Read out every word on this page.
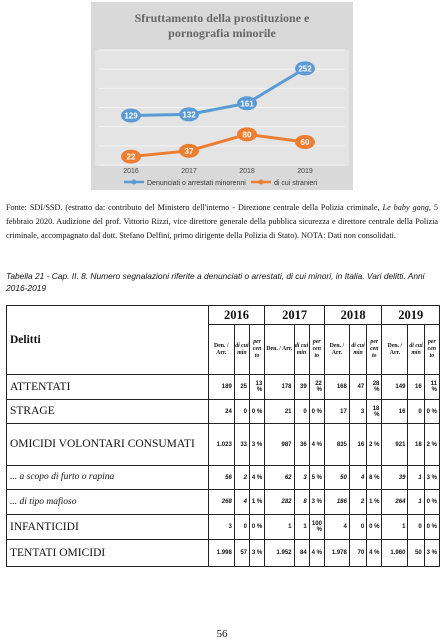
Sfruttamento della prostituzione e
pornografia minorile
129	132
161
252
22
37
80
60
2016	2017	2018	2019
Denunciati o arrestati minorenni	di cui stranieri
Fonte: SDI/SSD. (estratto da: contributo del Ministero dell'interno - Direzione centrale della Polizia criminale, Le baby gang, 5 febbraio 2020. Audizione del prof. Vittorio Rizzi, vice direttore generale della pubblica sicurezza e direttore centrale della Polizia criminale, accompagnato dal dott. Stefano Delfini, primo dirigente della Polizia di Stato). NOTA: Dati non consolidati.
Tabella 21 - Cap. II. 8. Numero segnalazioni riferite a denunciati o arrestati, di cui minori, in Italia. Vari delitti. Anni 2016-2019
Delitti	2016			2017			2018			2019		
	Den. / Arr.	di cui min	per cen to	Den. / Arr.	di cui min	per cen to	Den. / Arr.	di cui min	per cen to	Den. / Arr.	di cui min	per cen to
ATTENTATI	189	25	13 %	178	39	22 %	168	47	28 %	149	16	11 %
STRAGE	24	0	0 %	21	0	0 %	17	3	18 %	16	0	0 %
OMICIDI VOLONTARI CONSUMATI	1.023	33	3 %	987	36	4 %	835	16	2 %	921	18	2 %
... a scopo di furto o rapina	56	2	4 %	62	3	5 %	50	4	8 %	39	1	3 %
... di tipo mafioso	268	4	1 %	282	8	3 %	186	2	1 %	264	1	0 %
INFANTICIDI	3	0	0 %	1	1	100 %	4	0	0 %	1	0	0 %
TENTATI OMICIDI	1.998	57	3 %	1.952	84	4 %	1.978	70	4 %	1.960	50	3 %
56
